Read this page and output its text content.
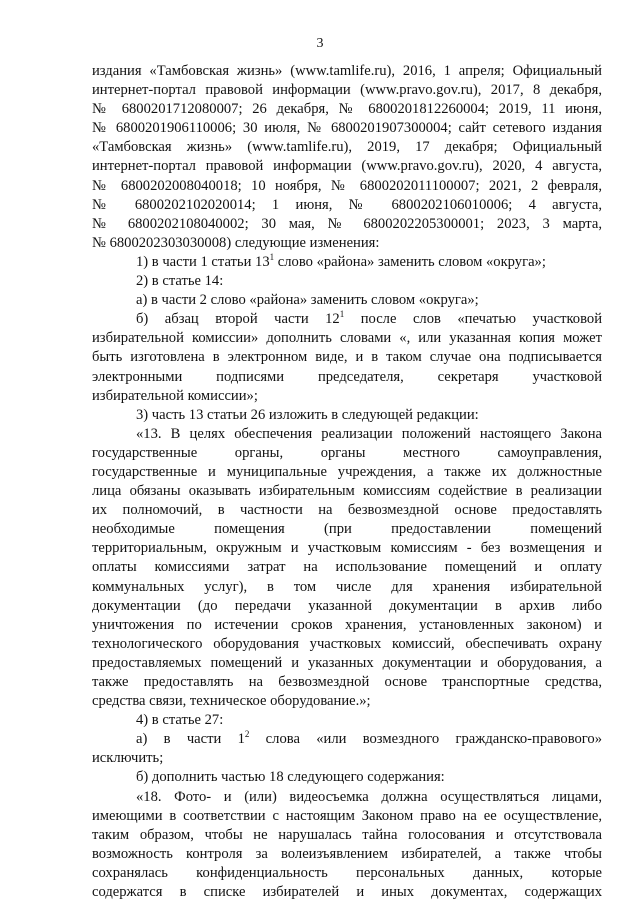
3
издания «Тамбовская жизнь» (www.tamlife.ru), 2016, 1 апреля; Официальный
интернет-портал правовой информации (www.pravo.gov.ru), 2017, 8 декабря,
№ 6800201712080007; 26 декабря, № 6800201812260004; 2019, 11 июня,
№ 6800201906110006; 30 июля, № 6800201907300004; сайт сетевого издания
«Тамбовская жизнь» (www.tamlife.ru), 2019, 17 декабря; Официальный
интернет-портал правовой информации (www.pravo.gov.ru), 2020, 4 августа,
№ 6800202008040018; 10 ноября, № 6800202011100007; 2021, 2 февраля,
№ 6800202102020014; 1 июня, № 6800202106010006; 4 августа,
№ 6800202108040002; 30 мая, № 6800202205300001; 2023, 3 марта,
№ 6800202303030008) следующие изменения:
1) в части 1 статьи $13^1$ слово «района» заменить словом «округа»;
2) в статье 14:
а) в части 2 слово «района» заменить словом «округа»;
б) абзац второй части $12^1$ после слов «печатью участковой
избирательной комиссии» дополнить словами «, или указанная копия может
быть изготовлена в электронном виде, и в таком случае она подписывается
электронными подписями председателя, секретаря участковой
избирательной комиссии»;
3) часть 13 статьи 26 изложить в следующей редакции:
«13. В целях обеспечения реализации положений настоящего Закона
государственные органы, органы местного самоуправления,
государственные и муниципальные учреждения, а также их должностные
лица обязаны оказывать избирательным комиссиям содействие в реализации
их полномочий, в частности на безвозмездной основе предоставлять
необходимые помещения (при предоставлении помещений
территориальным, окружным и участковым комиссиям - без возмещения и
оплаты комиссиями затрат на использование помещений и оплату
коммунальных услуг), в том числе для хранения избирательной
документации (до передачи указанной документации в архив либо
уничтожения по истечении сроков хранения, установленных законом) и
технологического оборудования участковых комиссий, обеспечивать охрану
предоставляемых помещений и указанных документации и оборудования, а
также предоставлять на безвозмездной основе транспортные средства,
средства связи, техническое оборудование.»;
4) в статье 27:
а) в части $1^2$ слова «или возмездного гражданско-правового»
исключить;
б) дополнить частью 18 следующего содержания:
«18. Фото- и (или) видеосъемка должна осуществляться лицами,
имеющими в соответствии с настоящим Законом право на ее осуществление,
таким образом, чтобы не нарушалась тайна голосования и отсутствовала
возможность контроля за волеизъявлением избирателей, а также чтобы
сохранялась конфиденциальность персональных данных, которые
содержатся в списке избирателей и иных документах, содержащих
